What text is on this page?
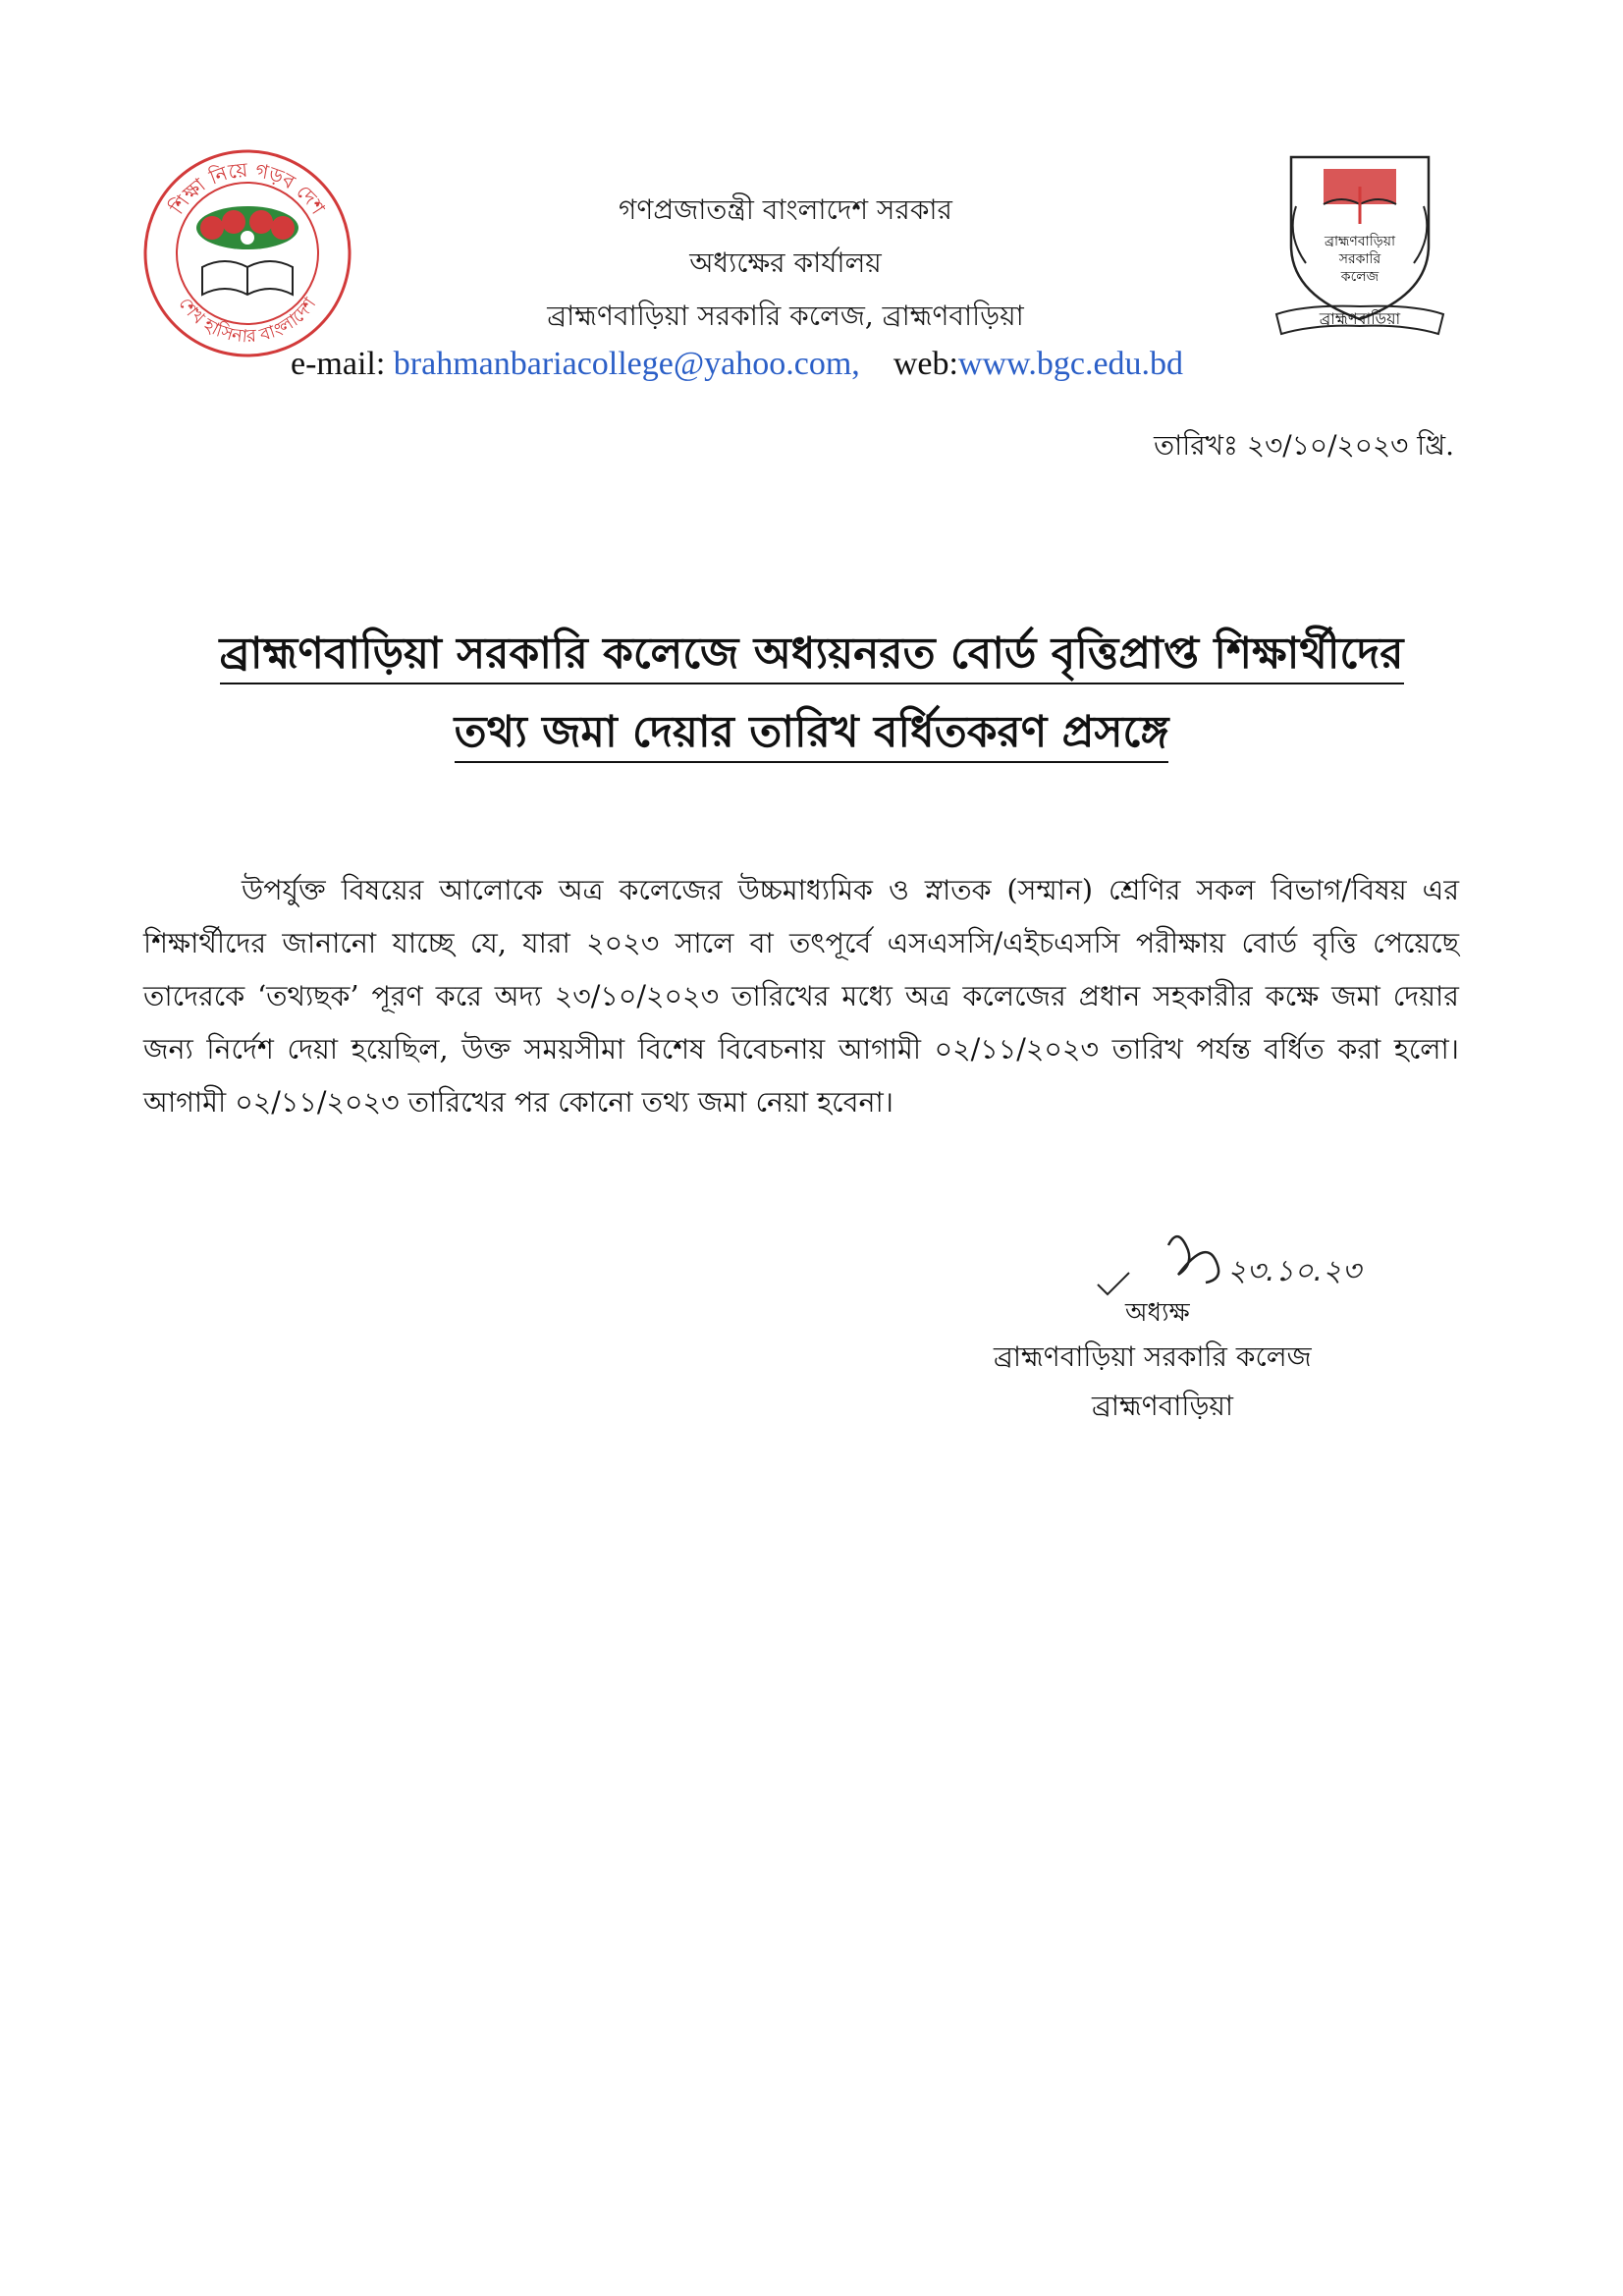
শিক্ষা নিয়ে গড়ব দেশ
শেখ হাসিনার বাংলাদেশ
ব্রাহ্মণবাড়িয়া
সরকারি
কলেজ
ব্রাহ্মণবাড়িয়া
গণপ্রজাতন্ত্রী বাংলাদেশ সরকার
অধ্যক্ষের কার্যালয়
ব্রাহ্মণবাড়িয়া সরকারি কলেজ, ব্রাহ্মণবাড়িয়া
e-mail: brahmanbariacollege@yahoo.com, web:www.bgc.edu.bd
তারিখঃ ২৩/১০/২০২৩ খ্রি.
ব্রাহ্মণবাড়িয়া সরকারি কলেজে অধ্যয়নরত বোর্ড বৃত্তিপ্রাপ্ত শিক্ষার্থীদের
তথ্য জমা দেয়ার তারিখ বর্ধিতকরণ প্রসঙ্গে
উপর্যুক্ত বিষয়ের আলোকে অত্র কলেজের উচ্চমাধ্যমিক ও স্নাতক (সম্মান) শ্রেণির সকল বিভাগ/বিষয় এর শিক্ষার্থীদের জানানো যাচ্ছে যে, যারা ২০২৩ সালে বা তৎপূর্বে এসএসসি/এইচএসসি পরীক্ষায় বোর্ড বৃত্তি পেয়েছে তাদেরকে ‘তথ্যছক’ পূরণ করে অদ্য ২৩/১০/২০২৩ তারিখের মধ্যে অত্র কলেজের প্রধান সহকারীর কক্ষে জমা দেয়ার জন্য নির্দেশ দেয়া হয়েছিল, উক্ত সময়সীমা বিশেষ বিবেচনায় আগামী ০২/১১/২০২৩ তারিখ পর্যন্ত বর্ধিত করা হলো। আগামী ০২/১১/২০২৩ তারিখের পর কোনো তথ্য জমা নেয়া হবেনা।
২৩.১০.২৩
অধ্যক্ষ
ব্রাহ্মণবাড়িয়া সরকারি কলেজ
ব্রাহ্মণবাড়িয়া
